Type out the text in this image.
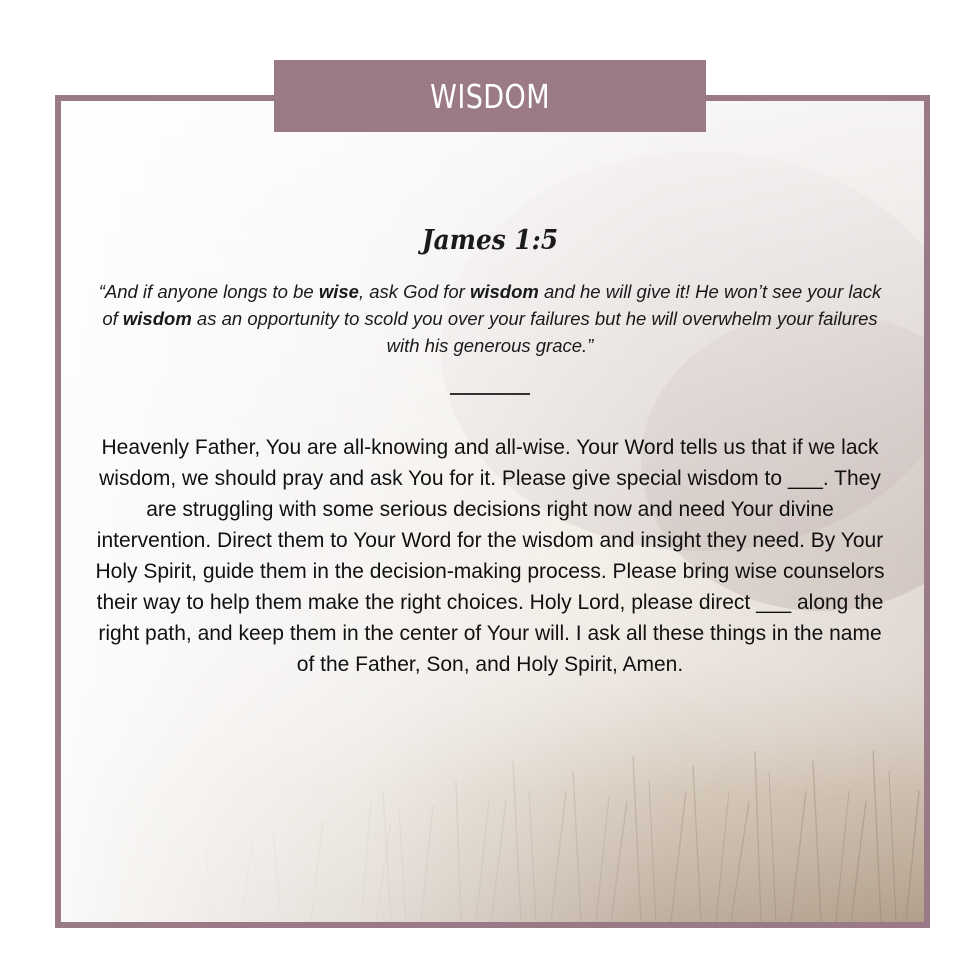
WISDOM
James 1:5
“And if anyone longs to be wise, ask God for wisdom and he will give it! He won’t see your lack of wisdom as an opportunity to scold you over your failures but he will overwhelm your failures with his generous grace.”
Heavenly Father, You are all-knowing and all-wise. Your Word tells us that if we lack wisdom, we should pray and ask You for it. Please give special wisdom to ___. They are struggling with some serious decisions right now and need Your divine intervention. Direct them to Your Word for the wisdom and insight they need. By Your Holy Spirit, guide them in the decision-making process. Please bring wise counselors their way to help them make the right choices. Holy Lord, please direct ___ along the right path, and keep them in the center of Your will. I ask all these things in the name of the Father, Son, and Holy Spirit, Amen.
